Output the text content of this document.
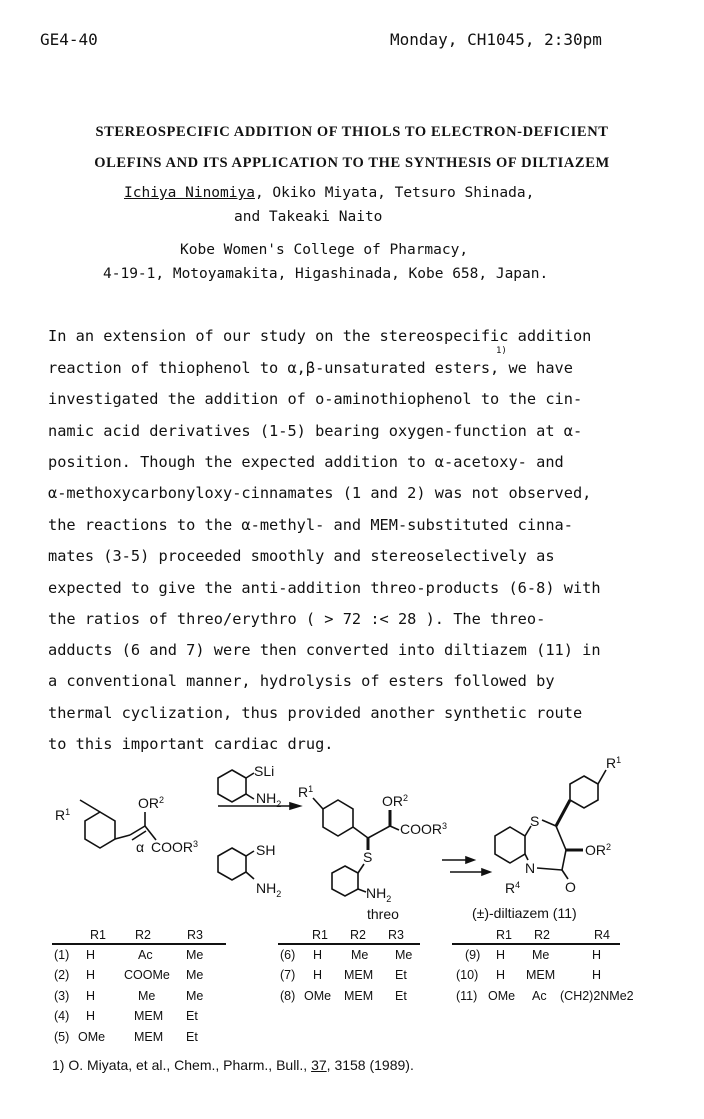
GE4-40	Monday, CH1045, 2:30pm
STEREOSPECIFIC ADDITION OF THIOLS TO ELECTRON-DEFICIENT
OLEFINS AND ITS APPLICATION TO THE SYNTHESIS OF DILTIAZEM
Ichiya Ninomiya, Okiko Miyata, Tetsuro Shinada,
and Takeaki Naito
Kobe Women's College of Pharmacy,
4-19-1, Motoyamakita, Higashinada, Kobe 658, Japan.
In an extension of our study on the stereospecific addition
reaction of thiophenol to α,β-unsaturated esters, we have
1)
investigated the addition of o-aminothiophenol to the cin-
namic acid derivatives (1-5) bearing oxygen-function at α-
position. Though the expected addition to α-acetoxy- and
α-methoxycarbonyloxy-cinnamates (1 and 2) was not observed,
the reactions to the α-methyl- and MEM-substituted cinna-
mates (3-5) proceeded smoothly and stereoselectively as
expected to give the anti-addition threo-products (6-8) with
the ratios of threo/erythro ( > 72 :< 28 ). The threo-
adducts (6 and 7) were then converted into diltiazem (11) in
a conventional manner, hydrolysis of esters followed by
thermal cyclization, thus provided another synthetic route
to this important cardiac drug.
$R^1$
$OR^2$
α COOR$^3$
SLi
$NH_2$
SH
$NH_2$
$R^1$
$OR^2$
COOR$^3$
S
$NH_2$
threo
S
N
$R^4$	O
$OR^2$
$R^1$
(±)-diltiazem (11)
R1 R2	R3
(1) H	Ac	Me
(2) H COOMe Me
(3) H	Me Me
(4) H	MEM Et
(5) OMe MEM Et
R1 R2 R3
(6) H Me Me
(7) H MEM Et
(8) OMe MEM Et
R1 R2	R4
(9) H Me	H
(10) H MEM	H
(11) OMe Ac (CH2)2NMe2
1) O. Miyata, et al., Chem., Pharm., Bull., 37, 3158 (1989).
